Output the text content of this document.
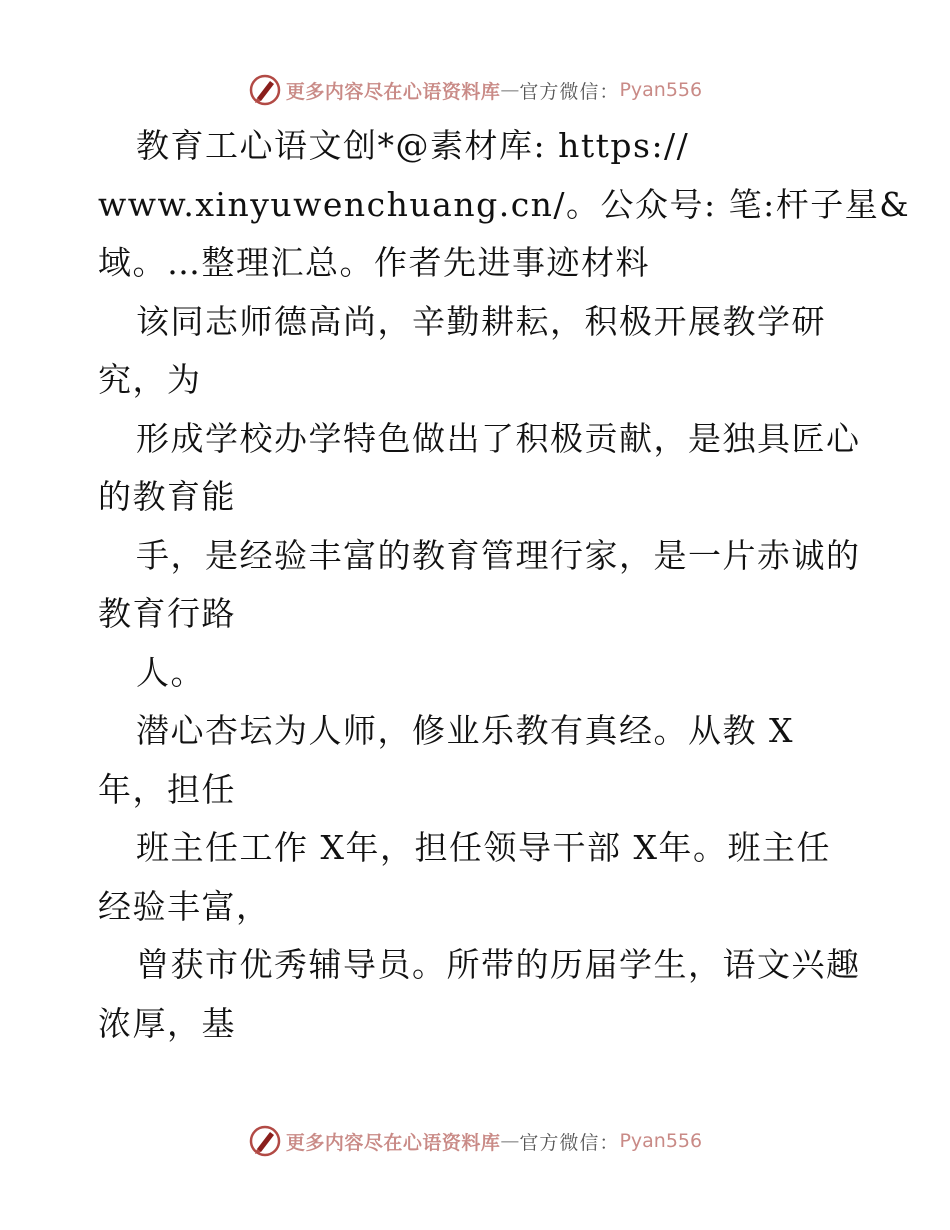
更多内容尽在心语资料库 — 官方微信： Pyan556
教育工心语文创*@素材库: https://
www.xinyuwenchuang.cn/。公众号: 笔:杆子星&
域。…整理汇总。作者先进事迹材料
该同志师德高尚，辛勤耕耘，积极开展教学研
究，为
形成学校办学特色做出了积极贡献，是独具匠心
的教育能
手，是经验丰富的教育管理行家，是一片赤诚的
教育行路
人。
潜心杏坛为人师，修业乐教有真经。从教 X
年，担任
班主任工作 X年，担任领导干部 X年。班主任
经验丰富，
曾获市优秀辅导员。所带的历届学生，语文兴趣
浓厚，基
更多内容尽在心语资料库 — 官方微信： Pyan556
